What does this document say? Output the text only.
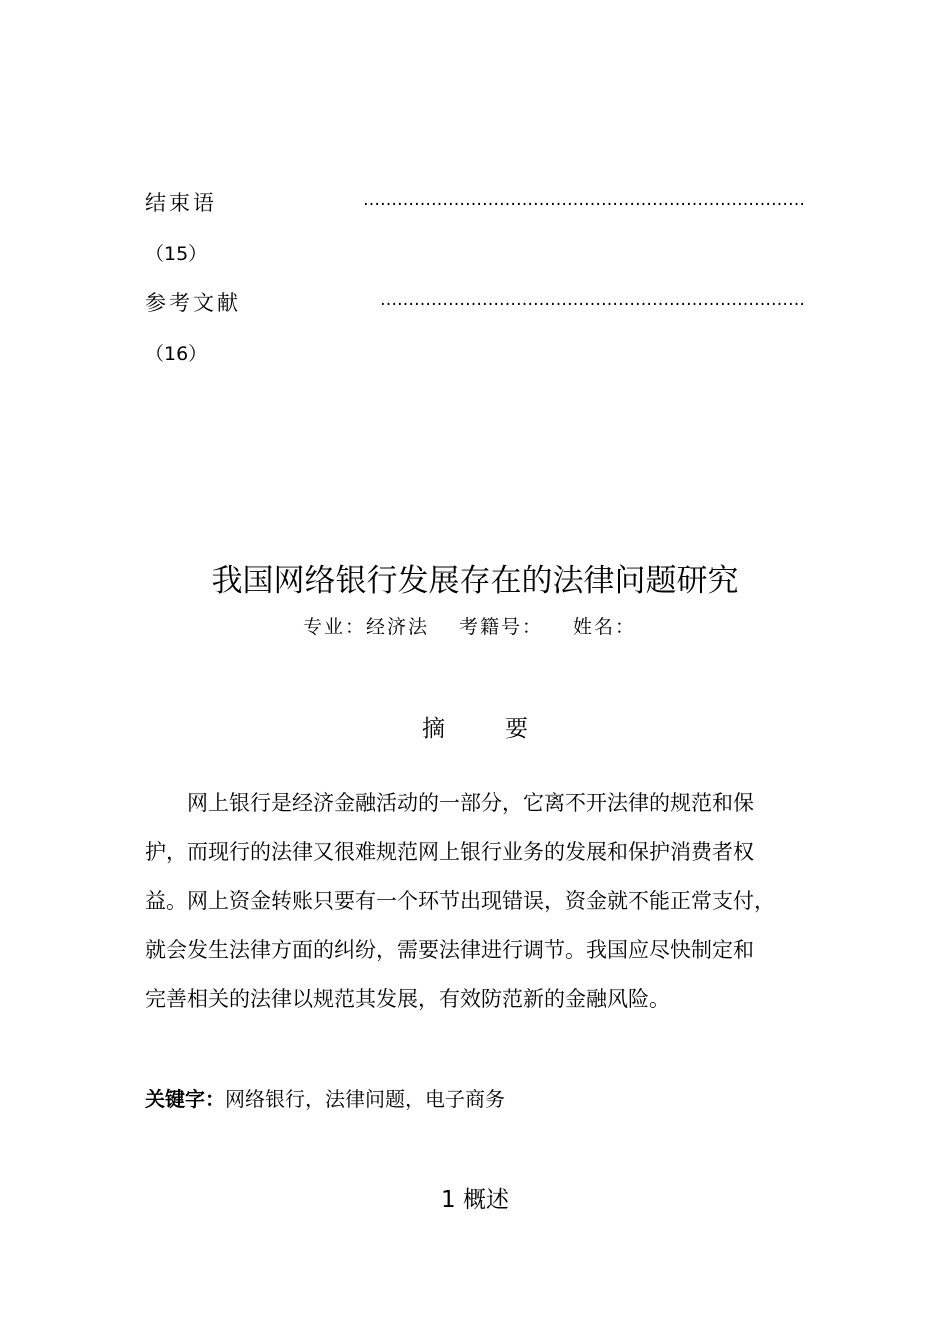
结束语	……………………………………………………………………
（15）
参考文献	…………………………………………………………………
（16）
我国网络银行发展存在的法律问题研究
专业：经济法 考籍号： 姓名：
摘	要
网上银行是经济金融活动的一部分，它离不开法律的规范和保
护，而现行的法律又很难规范网上银行业务的发展和保护消费者权
益。网上资金转账只要有一个环节出现错误，资金就不能正常支付，
就会发生法律方面的纠纷，需要法律进行调节。我国应尽快制定和
完善相关的法律以规范其发展，有效防范新的金融风险。
关键字：网络银行，法律问题，电子商务
1 概述
